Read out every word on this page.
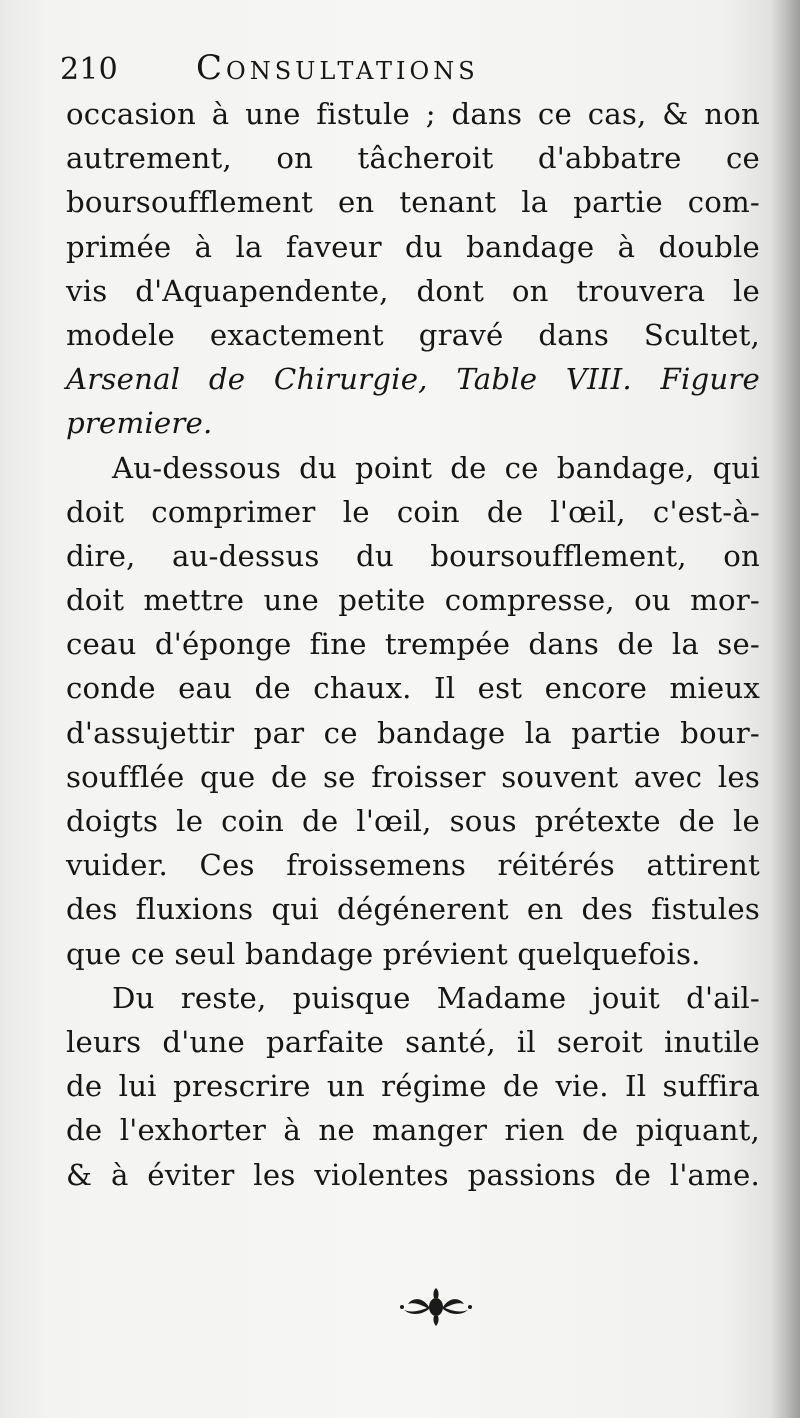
210	Consultations
occasion à une fistule ; dans ce cas, & non
autrement, on tâcheroit d'abbatre ce
boursoufflement en tenant la partie com-
primée à la faveur du bandage à double
vis d'Aquapendente, dont on trouvera le
modele exactement gravé dans Scultet,
Arsenal de Chirurgie, Table VIII. Figure
premiere.
Au-dessous du point de ce bandage, qui
doit comprimer le coin de l'œil, c'est-à-
dire, au-dessus du boursoufflement, on
doit mettre une petite compresse, ou mor-
ceau d'éponge fine trempée dans de la se-
conde eau de chaux. Il est encore mieux
d'assujettir par ce bandage la partie bour-
soufflée que de se froisser souvent avec les
doigts le coin de l'œil, sous prétexte de le
vuider. Ces froissemens réitérés attirent
des fluxions qui dégénerent en des fistules
que ce seul bandage prévient quelquefois.
Du reste, puisque Madame jouit d'ail-
leurs d'une parfaite santé, il seroit inutile
de lui prescrire un régime de vie. Il suffira
de l'exhorter à ne manger rien de piquant,
& à éviter les violentes passions de l'ame.
